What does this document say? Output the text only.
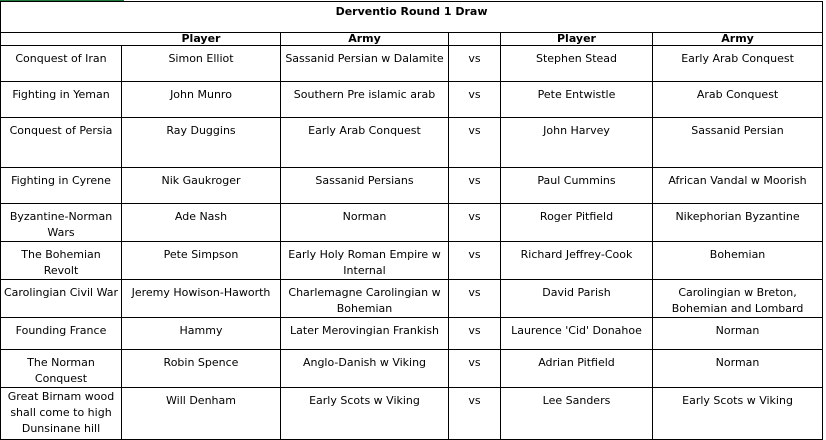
Derventio Round 1 Draw					
	Player	Army		Player	Army
Conquest of Iran	Simon Elliot	Sassanid Persian w Dalamite	vs	Stephen Stead	Early Arab Conquest
Fighting in Yeman	John Munro	Southern Pre islamic arab	vs	Pete Entwistle	Arab Conquest
Conquest of Persia	Ray Duggins	Early Arab Conquest	vs	John Harvey	Sassanid Persian
Fighting in Cyrene	Nik Gaukroger	Sassanid Persians	vs	Paul Cummins	African Vandal w Moorish
Byzantine-Norman Wars	Ade Nash	Norman	vs	Roger Pitfield	Nikephorian Byzantine
The Bohemian Revolt	Pete Simpson	Early Holy Roman Empire w Internal	vs	Richard Jeffrey-Cook	Bohemian
Carolingian Civil War	Jeremy Howison-Haworth	Charlemagne Carolingian w Bohemian	vs	David Parish	Carolingian w Breton, Bohemian and Lombard
Founding France	Hammy	Later Merovingian Frankish	vs	Laurence 'Cid' Donahoe	Norman
The Norman Conquest	Robin Spence	Anglo-Danish w Viking	vs	Adrian Pitfield	Norman
Great Birnam wood shall come to high Dunsinane hill	Will Denham	Early Scots w Viking	vs	Lee Sanders	Early Scots w Viking
